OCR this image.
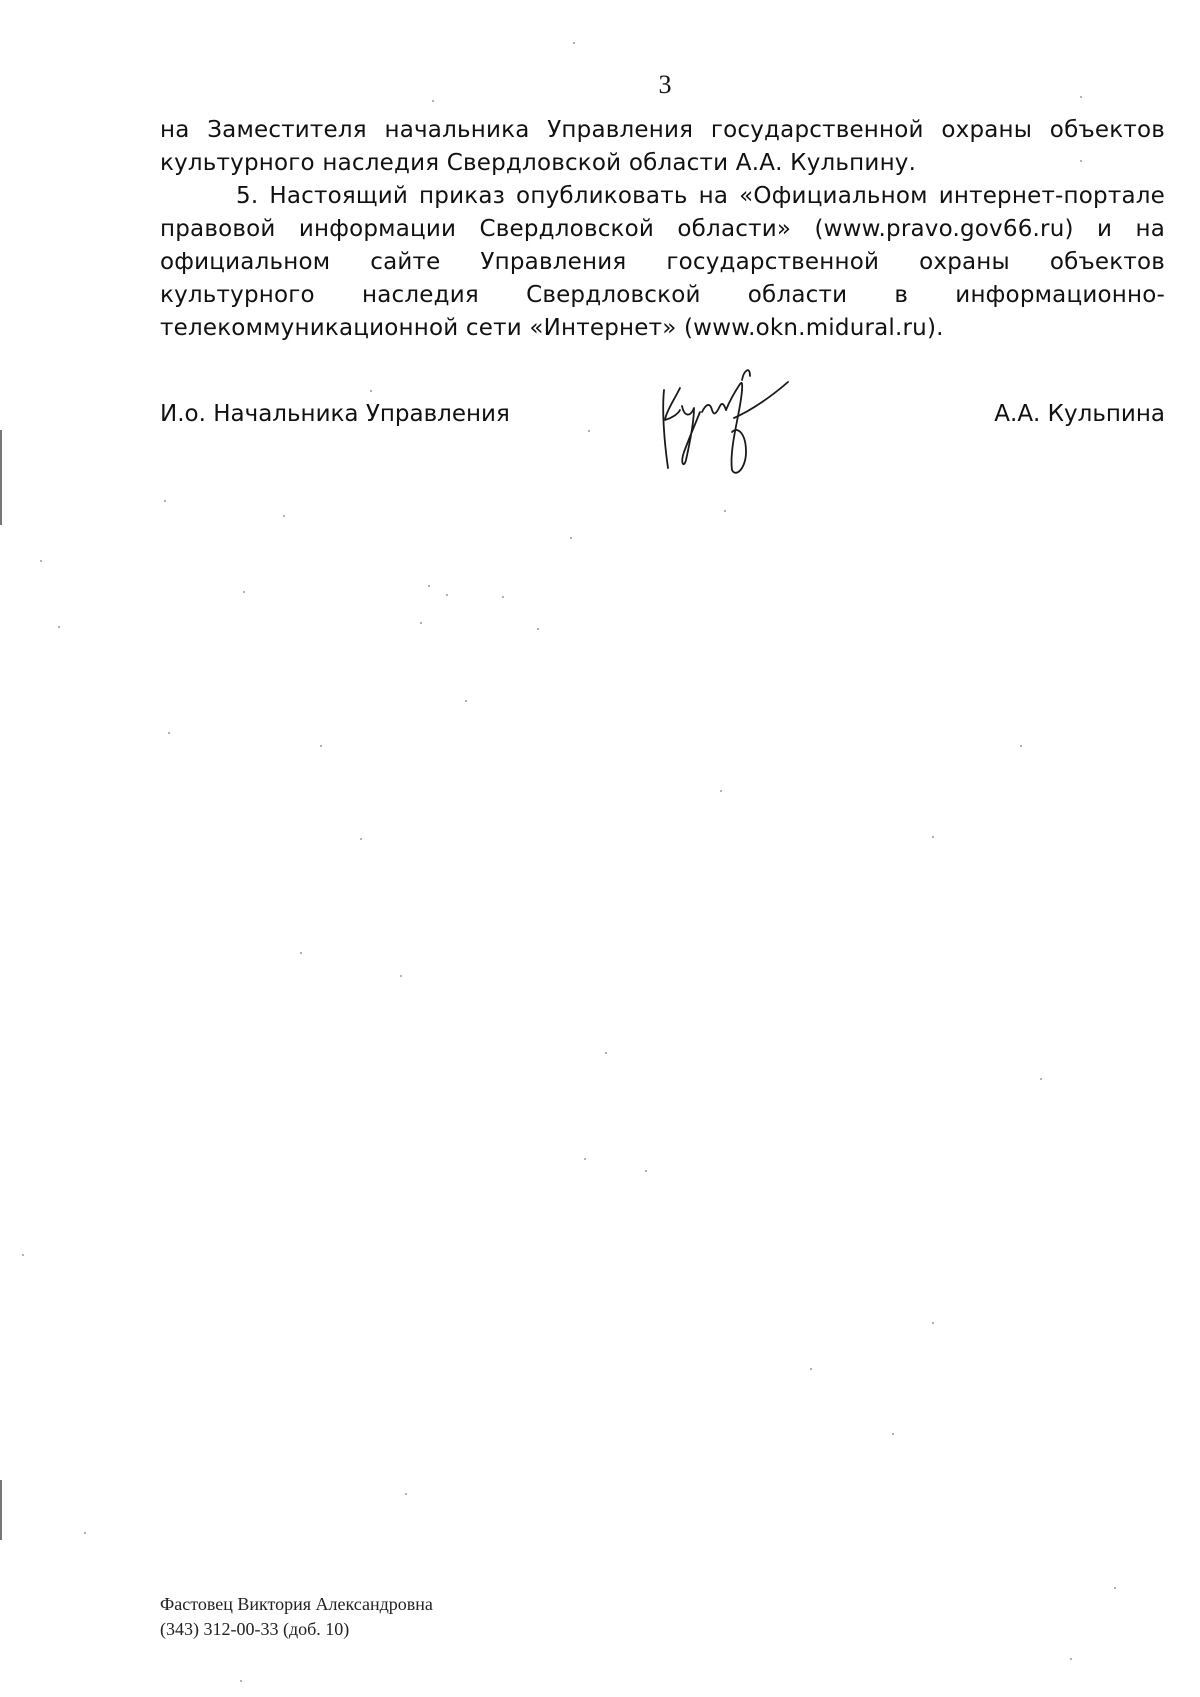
3

на Заместителя начальника Управления государственной охраны объектов культурного наследия Свердловской области А.А. Кульпину.

5. Настоящий приказ опубликовать на «Официальном интернет-портале правовой информации Свердловской области» (www.pravo.gov66.ru) и на официальном сайте Управления государственной охраны объектов культурного наследия Свердловской области в информационно-телекоммуникационной сети «Интернет» (www.okn.midural.ru).

И.о. Начальника Управления	А.А. Кульпина
Фастовец Виктория Александровна
(343) 312-00-33 (доб. 10)
